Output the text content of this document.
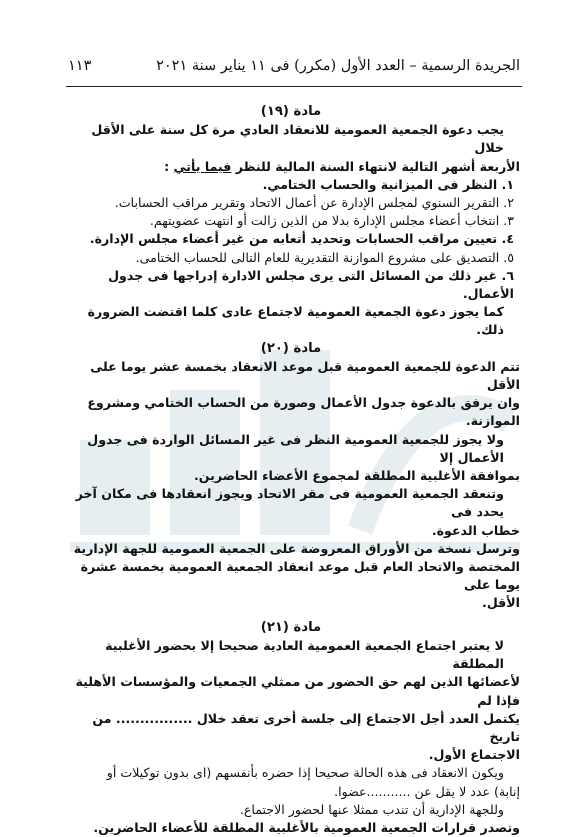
الجريدة الرسمية – العدد الأول (مكرر) فى ١١ يناير سنة ٢٠٢١
١١٣

مادة (١٩)

يجب دعوة الجمعية العمومية للانعقاد العادي مرة كل سنة على الأقل خلال

الأربعة أشهر التالية لانتهاء السنة المالية للنظر فيما يأتي :

١. النظر فى الميزانية والحساب الختامي.

٢. التقرير السنوي لمجلس الإدارة عن أعمال الاتحاد وتقرير مراقب الحسابات.

٣. انتخاب أعضاء مجلس الإدارة بدلا من الذين زالت أو انتهت عضويتهم.

٤. تعيين مراقب الحسابات وتحديد أتعابه من غير أعضاء مجلس الإدارة.

٥. التصديق على مشروع الموازنة التقديرية للعام التالى للحساب الختامى.

٦. غير ذلك من المسائل التى يرى مجلس الادارة إدراجها فى جدول الأعمال.

كما يجوز دعوة الجمعية العمومية لاجتماع عادى كلما اقتضت الضرورة ذلك.

مادة (٢٠)

تتم الدعوة للجمعية العمومية قبل موعد الانعقاد بخمسة عشر يوما على الأقل

وان يرفق بالدعوة جدول الأعمال وصورة من الحساب الختامي ومشروع الموازنة.

ولا يجوز للجمعية العمومية النظر فى غير المسائل الواردة فى جدول الأعمال إلا

بموافقة الأغلبية المطلقة لمجموع الأعضاء الحاضرين.

وتنعقد الجمعية العمومية فى مقر الاتحاد ويجوز انعقادها فى مكان آخر يحدد فى

خطاب الدعوة.

وترسل نسخة من الأوراق المعروضة على الجمعية العمومية للجهة الإدارية

المختصة والاتحاد العام قبل موعد انعقاد الجمعية العمومية بخمسة عشرة يوما على

الأقل.

مادة (٢١)

لا يعتبر اجتماع الجمعية العمومية العادية صحيحا إلا بحضور الأغلبية المطلقة

لأعضائها الذين لهم حق الحضور من ممثلي الجمعيات والمؤسسات الأهلية فإذا لم

يكتمل العدد أجل الاجتماع إلى جلسة أخرى تعقد خلال ................ من تاريخ

الاجتماع الأول.

ويكون الانعقاد فى هذه الحالة صحيحا إذا حضره بأنفسهم (اى بدون توكيلات أو

إنابة) عدد لا يقل عن ...........عضوا.

وللجهة الإدارية أن تندب ممثلا عنها لحضور الاجتماع.

وتصدر قرارات الجمعية العمومية بالأغلبية المطلقة للأعضاء الحاضرين.
